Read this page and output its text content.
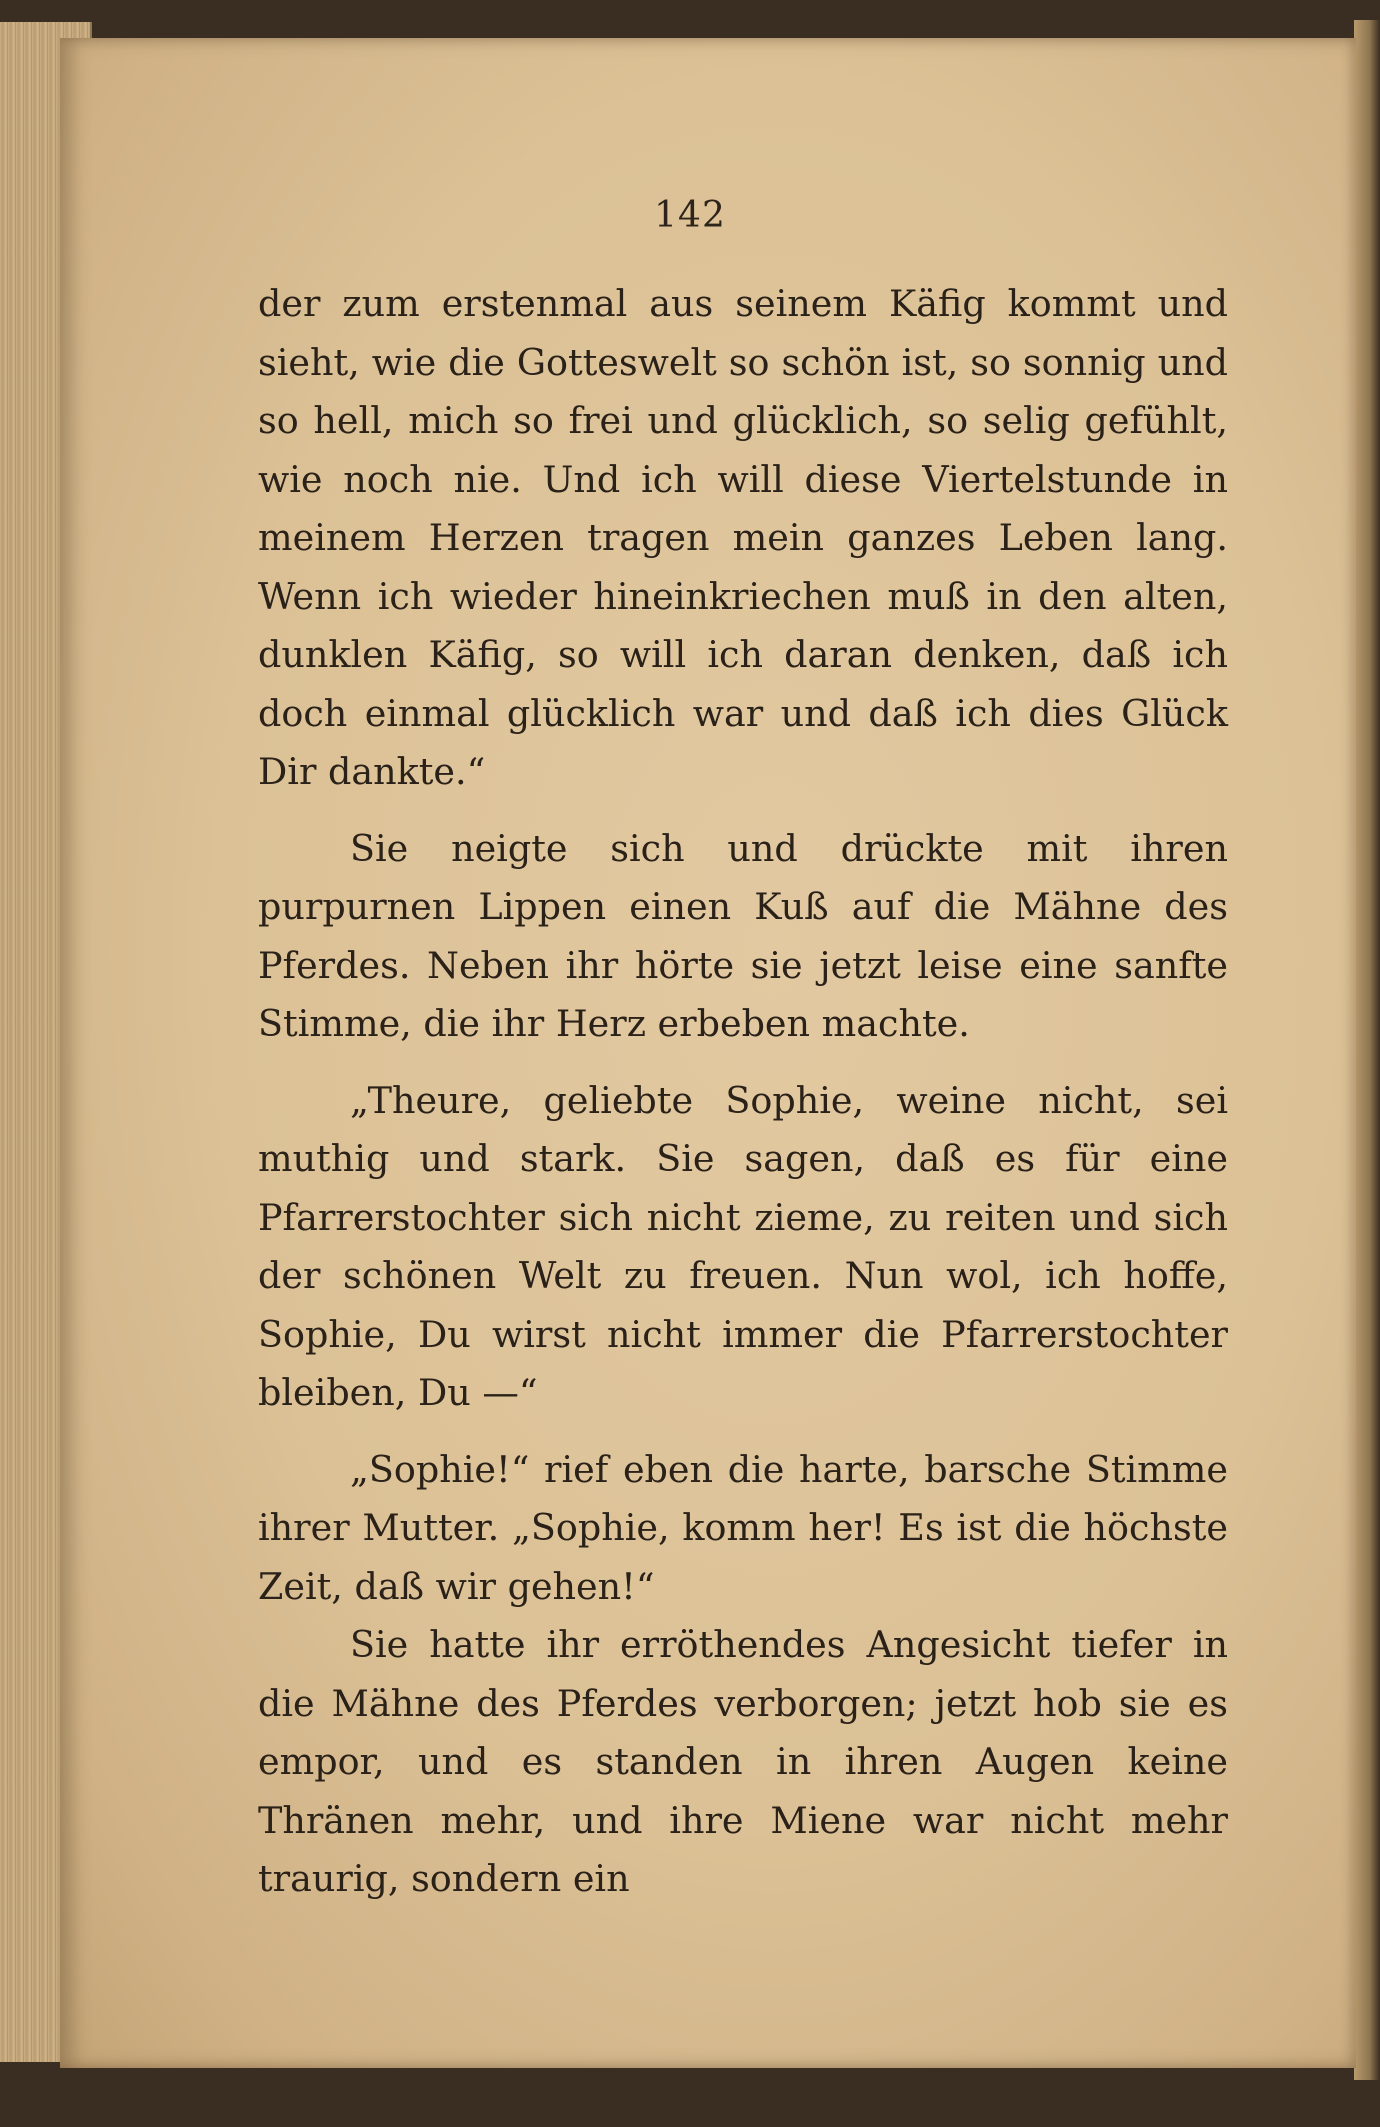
142

der zum erstenmal aus seinem Käfig kommt und sieht, wie die Gotteswelt so schön ist, so sonnig und so hell, mich so frei und glücklich, so selig gefühlt, wie noch nie. Und ich will diese Viertelstunde in meinem Herzen tragen mein ganzes Leben lang. Wenn ich wieder hineinkriechen muß in den alten, dunklen Käfig, so will ich daran denken, daß ich doch einmal glücklich war und daß ich dies Glück Dir dankte.“

Sie neigte sich und drückte mit ihren purpurnen Lippen einen Kuß auf die Mähne des Pferdes. Neben ihr hörte sie jetzt leise eine sanfte Stimme, die ihr Herz erbeben machte.

„Theure, geliebte Sophie, weine nicht, sei muthig und stark. Sie sagen, daß es für eine Pfarrerstochter sich nicht zieme, zu reiten und sich der schönen Welt zu freuen. Nun wol, ich hoffe, Sophie, Du wirst nicht immer die Pfarrerstochter bleiben, Du —“

„Sophie!“ rief eben die harte, barsche Stimme ihrer Mutter. „Sophie, komm her! Es ist die höchste Zeit, daß wir gehen!“

Sie hatte ihr erröthendes Angesicht tiefer in die Mähne des Pferdes verborgen; jetzt hob sie es empor, und es standen in ihren Augen keine Thränen mehr, und ihre Miene war nicht mehr traurig, sondern ein
